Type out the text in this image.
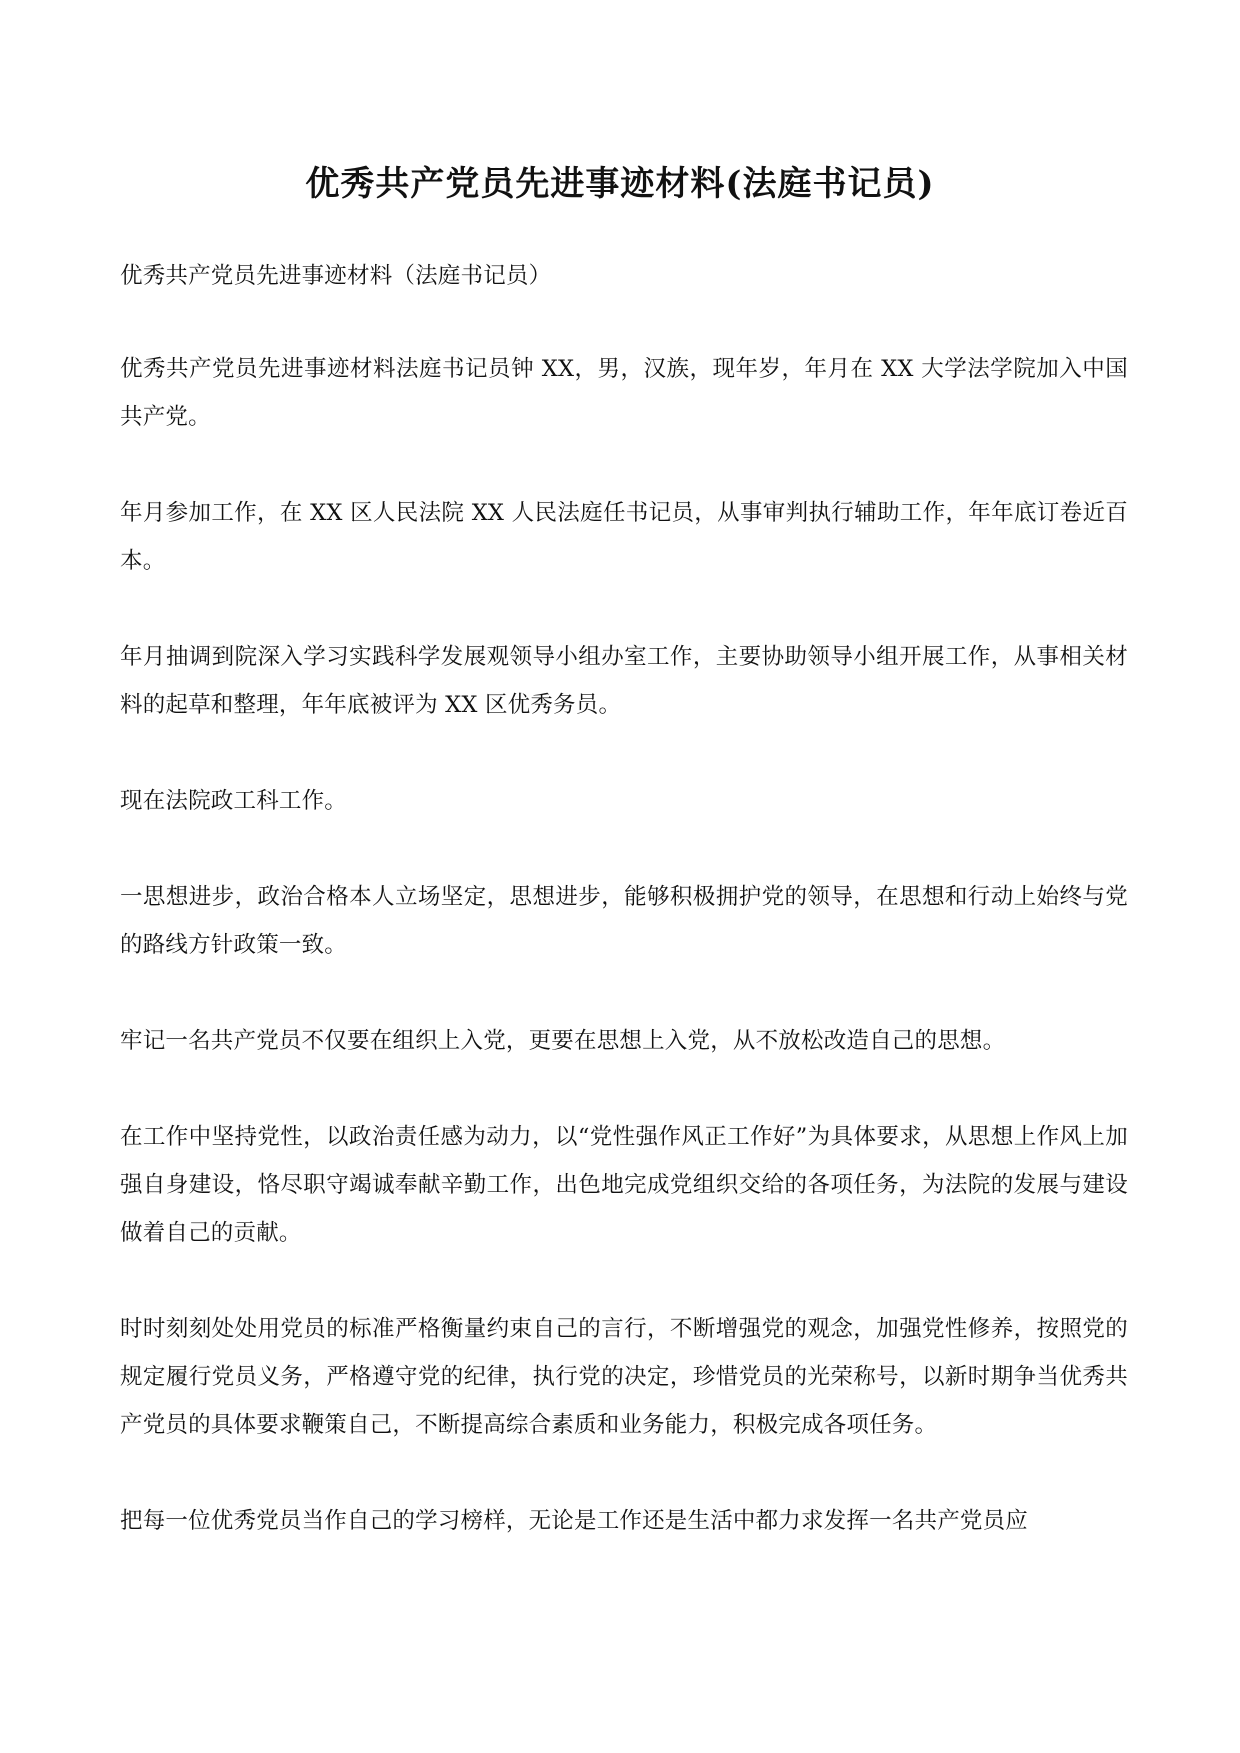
优秀共产党员先进事迹材料(法庭书记员)

优秀共产党员先进事迹材料（法庭书记员）

优秀共产党员先进事迹材料法庭书记员钟 XX，男，汉族，现年岁，年月在 XX 大学法学院加入中国共产党。

年月参加工作，在 XX 区人民法院 XX 人民法庭任书记员，从事审判执行辅助工作，年年底订卷近百本。

年月抽调到院深入学习实践科学发展观领导小组办室工作，主要协助领导小组开展工作，从事相关材料的起草和整理，年年底被评为 XX 区优秀务员。

现在法院政工科工作。

一思想进步，政治合格本人立场坚定，思想进步，能够积极拥护党的领导，在思想和行动上始终与党的路线方针政策一致。

牢记一名共产党员不仅要在组织上入党，更要在思想上入党，从不放松改造自己的思想。

在工作中坚持党性，以政治责任感为动力，以“党性强作风正工作好”为具体要求，从思想上作风上加强自身建设，恪尽职守竭诚奉献辛勤工作，出色地完成党组织交给的各项任务，为法院的发展与建设做着自己的贡献。

时时刻刻处处用党员的标准严格衡量约束自己的言行，不断增强党的观念，加强党性修养，按照党的规定履行党员义务，严格遵守党的纪律，执行党的决定，珍惜党员的光荣称号，以新时期争当优秀共产党员的具体要求鞭策自己，不断提高综合素质和业务能力，积极完成各项任务。

把每一位优秀党员当作自己的学习榜样，无论是工作还是生活中都力求发挥一名共产党员应
